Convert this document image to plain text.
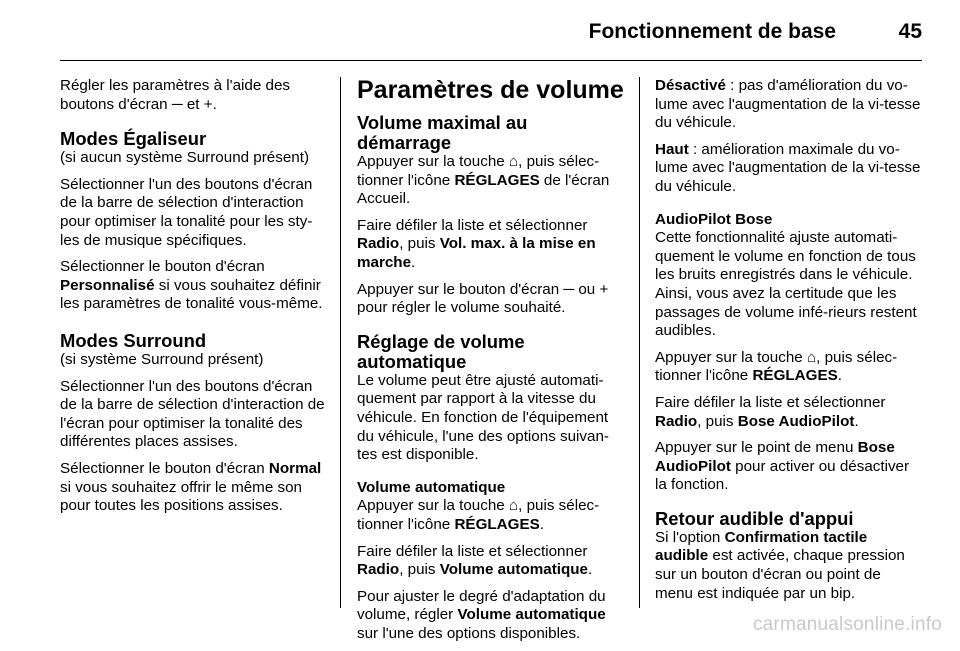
Fonctionnement de base	45

Régler les paramètres à l'aide des boutons d'écran ─ et +.

Modes Égaliseur

(si aucun système Surround présent)

Sélectionner l'un des boutons d'écran de la barre de sélection d'interaction pour optimiser la tonalité pour les sty‐les de musique spécifiques.

Sélectionner le bouton d'écran Personnalisé si vous souhaitez définir les paramètres de tonalité vous-même.

Modes Surround

(si système Surround présent)

Sélectionner l'un des boutons d'écran de la barre de sélection d'interaction de l'écran pour optimiser la tonalité des différentes places assises.

Sélectionner le bouton d'écran Normal si vous souhaitez offrir le même son pour toutes les positions assises.

Paramètres de volume
Volume maximal au démarrage

Appuyer sur la touche ⌂, puis sélec‐tionner l'icône RÉGLAGES de l'écran Accueil.

Faire défiler la liste et sélectionner Radio, puis Vol. max. à la mise en marche.

Appuyer sur le bouton d'écran ─ ou + pour régler le volume souhaité.

Réglage de volume automatique

Le volume peut être ajusté automati‐quement par rapport à la vitesse du véhicule. En fonction de l'équipement du véhicule, l'une des options suivan‐tes est disponible.

Volume automatique

Appuyer sur la touche ⌂, puis sélec‐tionner l'icône RÉGLAGES.

Faire défiler la liste et sélectionner Radio, puis Volume automatique.

Pour ajuster le degré d'adaptation du volume, régler Volume automatique sur l'une des options disponibles.

Désactivé : pas d'amélioration du vo‐lume avec l'augmentation de la vi‐tesse du véhicule.

Haut : amélioration maximale du vo‐lume avec l'augmentation de la vi‐tesse du véhicule.

AudioPilot Bose

Cette fonctionnalité ajuste automati‐quement le volume en fonction de tous les bruits enregistrés dans le véhicule. Ainsi, vous avez la certitude que les passages de volume infé‐rieurs restent audibles.

Appuyer sur la touche ⌂, puis sélec‐tionner l'icône RÉGLAGES.

Faire défiler la liste et sélectionner Radio, puis Bose AudioPilot.

Appuyer sur le point de menu Bose AudioPilot pour activer ou désactiver la fonction.

Retour audible d'appui

Si l'option Confirmation tactile audible est activée, chaque pression sur un bouton d'écran ou point de menu est indiquée par un bip.

carmanualsonline.info
